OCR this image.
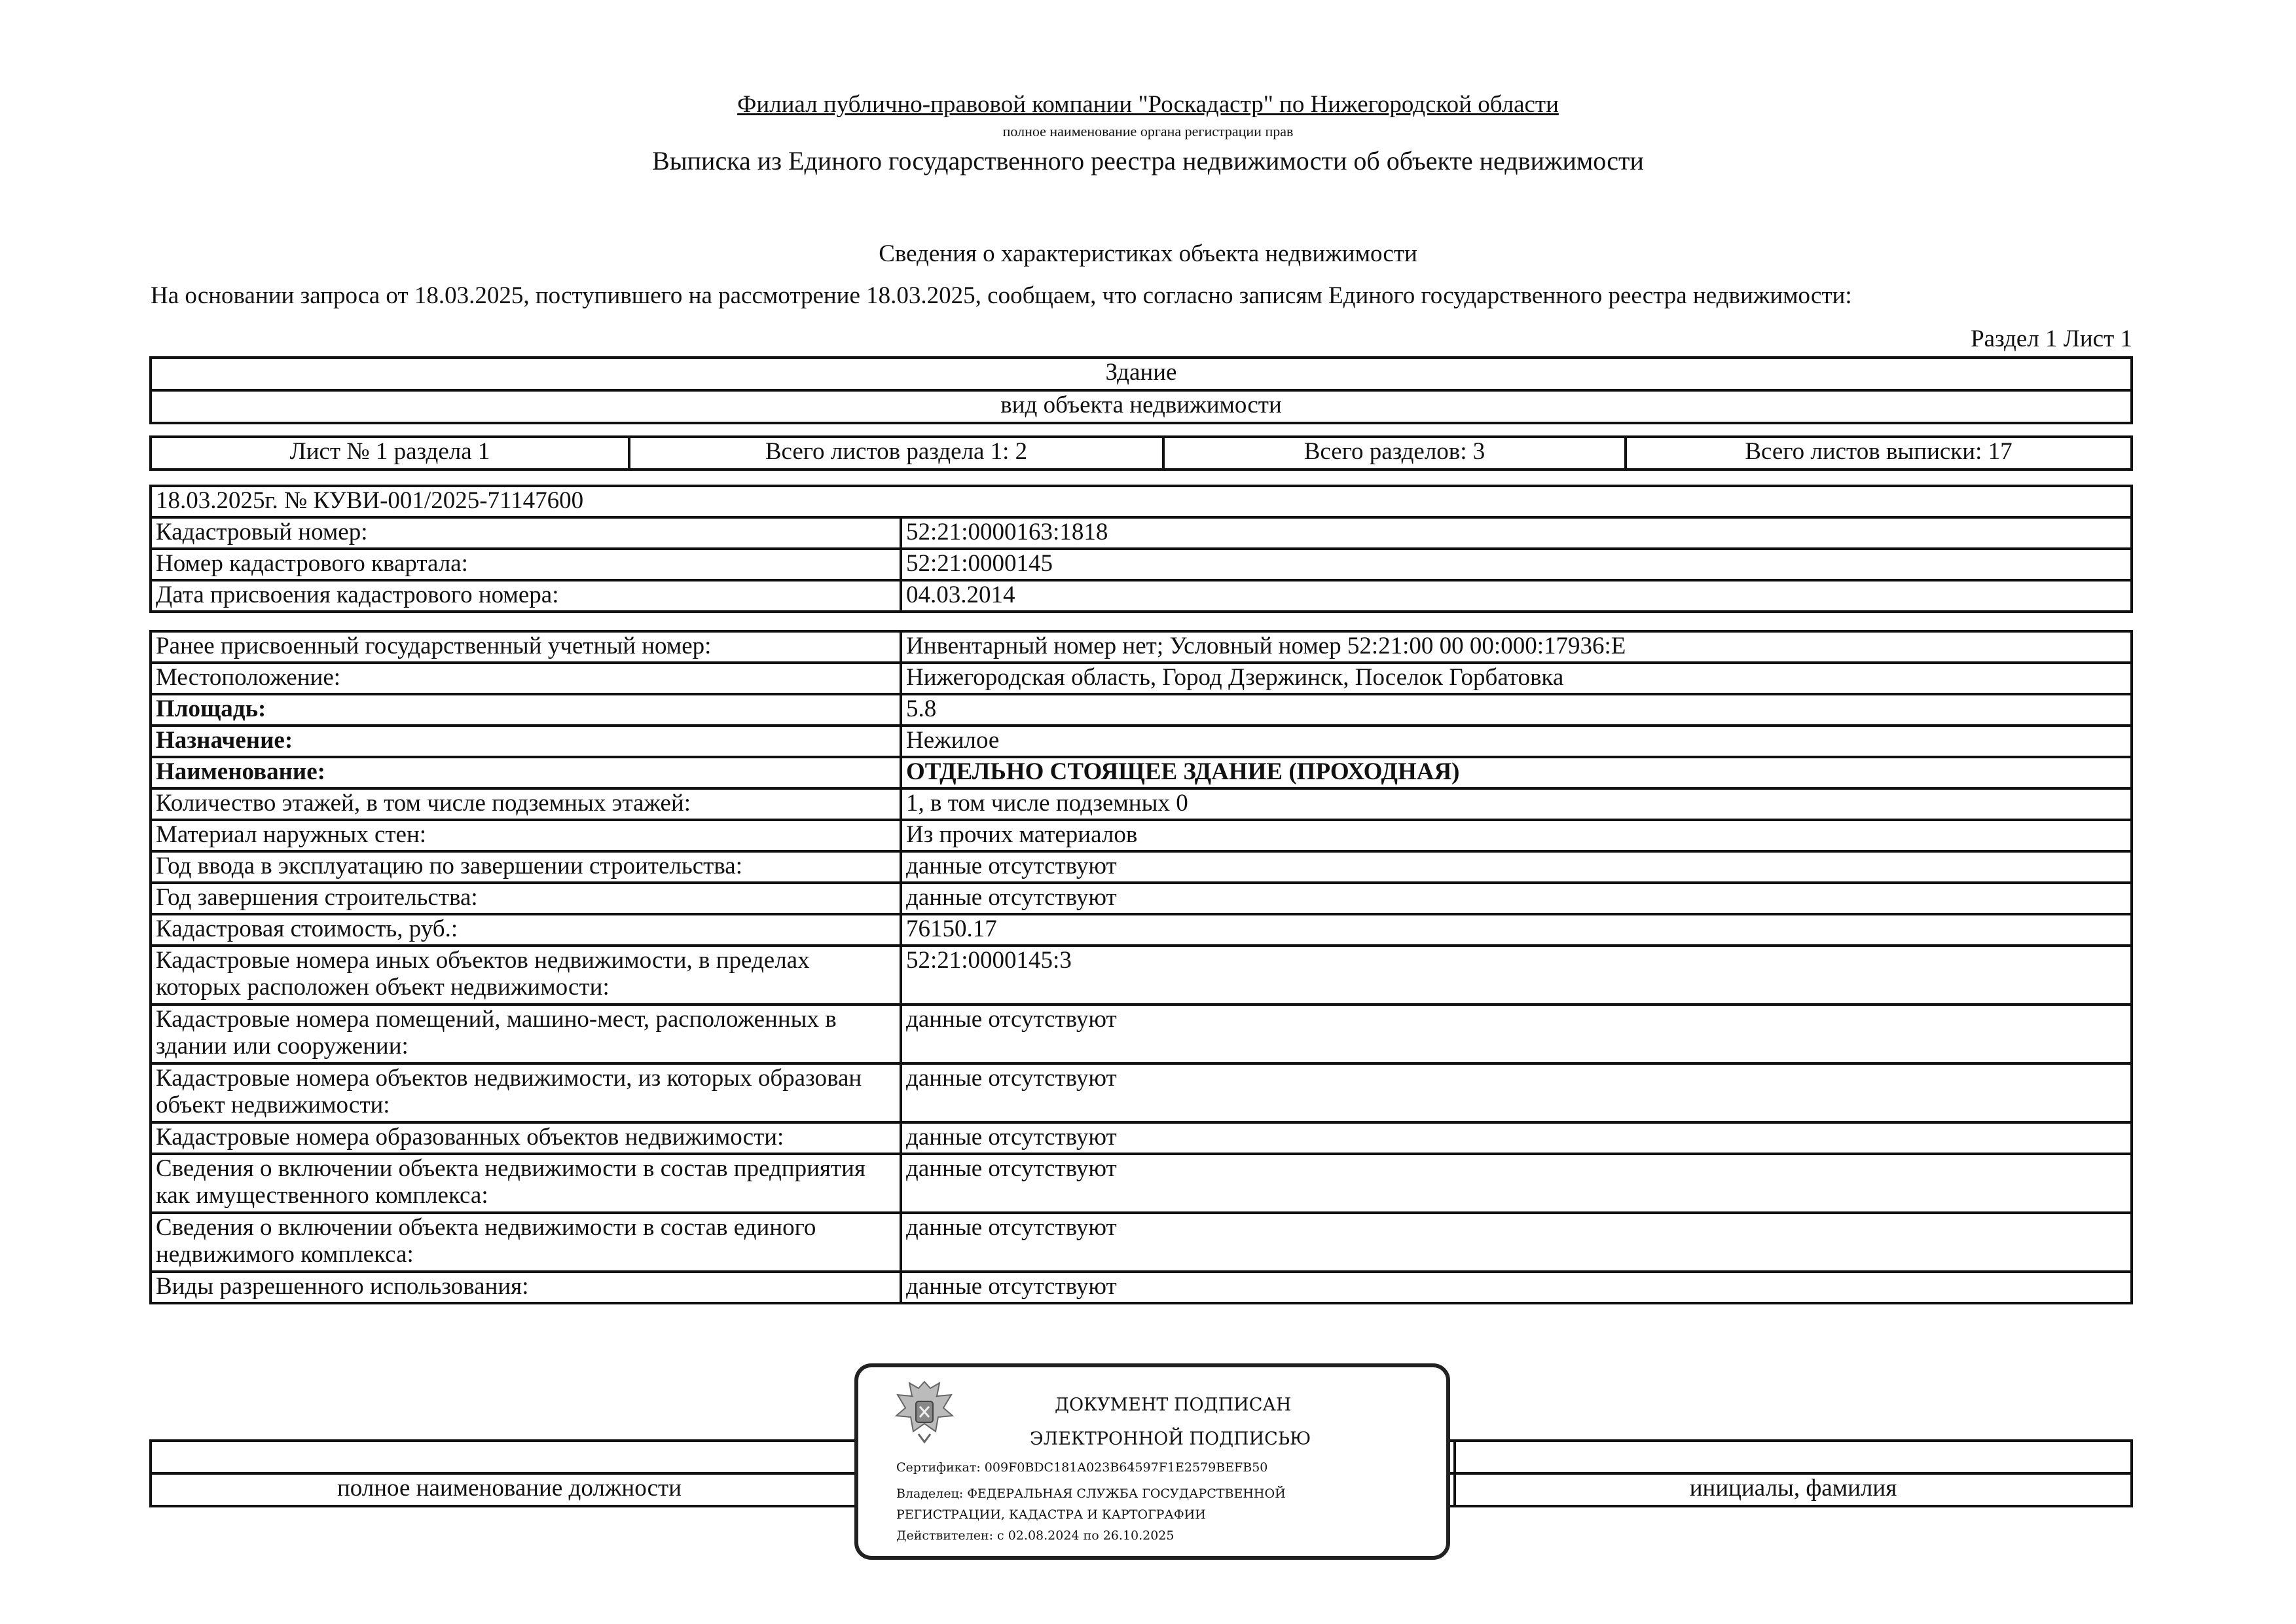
Филиал публично-правовой компании "Роскадастр" по Нижегородской области
полное наименование органа регистрации прав
Выписка из Единого государственного реестра недвижимости об объекте недвижимости
Сведения о характеристиках объекта недвижимости
На основании запроса от 18.03.2025, поступившего на рассмотрение 18.03.2025, сообщаем, что согласно записям Единого государственного реестра недвижимости:
Раздел 1 Лист 1
Здание
вид объекта недвижимости
Лист № 1 раздела 1	Всего листов раздела 1: 2	Всего разделов: 3	Всего листов выписки: 17
18.03.2025г. № КУВИ-001/2025-71147600	
Кадастровый номер:	52:21:0000163:1818
Номер кадастрового квартала:	52:21:0000145
Дата присвоения кадастрового номера:	04.03.2014
Ранее присвоенный государственный учетный номер:	Инвентарный номер нет; Условный номер 52:21:00 00 00:000:17936:Е
Местоположение:	Нижегородская область, Город Дзержинск, Поселок Горбатовка
Площадь:	5.8
Назначение:	Нежилое
Наименование:	ОТДЕЛЬНО СТОЯЩЕЕ ЗДАНИЕ (ПРОХОДНАЯ)
Количество этажей, в том числе подземных этажей:	1, в том числе подземных 0
Материал наружных стен:	Из прочих материалов
Год ввода в эксплуатацию по завершении строительства:	данные отсутствуют
Год завершения строительства:	данные отсутствуют
Кадастровая стоимость, руб.:	76150.17
Кадастровые номера иных объектов недвижимости, в пределах которых расположен объект недвижимости:	52:21:0000145:3
Кадастровые номера помещений, машино-мест, расположенных в здании или сооружении:	данные отсутствуют
Кадастровые номера объектов недвижимости, из которых образован объект недвижимости:	данные отсутствуют
Кадастровые номера образованных объектов недвижимости:	данные отсутствуют
Сведения о включении объекта недвижимости в состав предприятия как имущественного комплекса:	данные отсутствуют
Сведения о включении объекта недвижимости в состав единого недвижимого комплекса:	данные отсутствуют
Виды разрешенного использования:	данные отсутствуют

полное наименование должности		инициалы, фамилия
ДОКУМЕНТ ПОДПИСАН
ЭЛЕКТРОННОЙ ПОДПИСЬЮ
Сертификат: 009F0BDC181A023B64597F1E2579BEFB50
Владелец: ФЕДЕРАЛЬНАЯ СЛУЖБА ГОСУДАРСТВЕННОЙ
РЕГИСТРАЦИИ, КАДАСТРА И КАРТОГРАФИИ
Действителен: с 02.08.2024 по 26.10.2025
